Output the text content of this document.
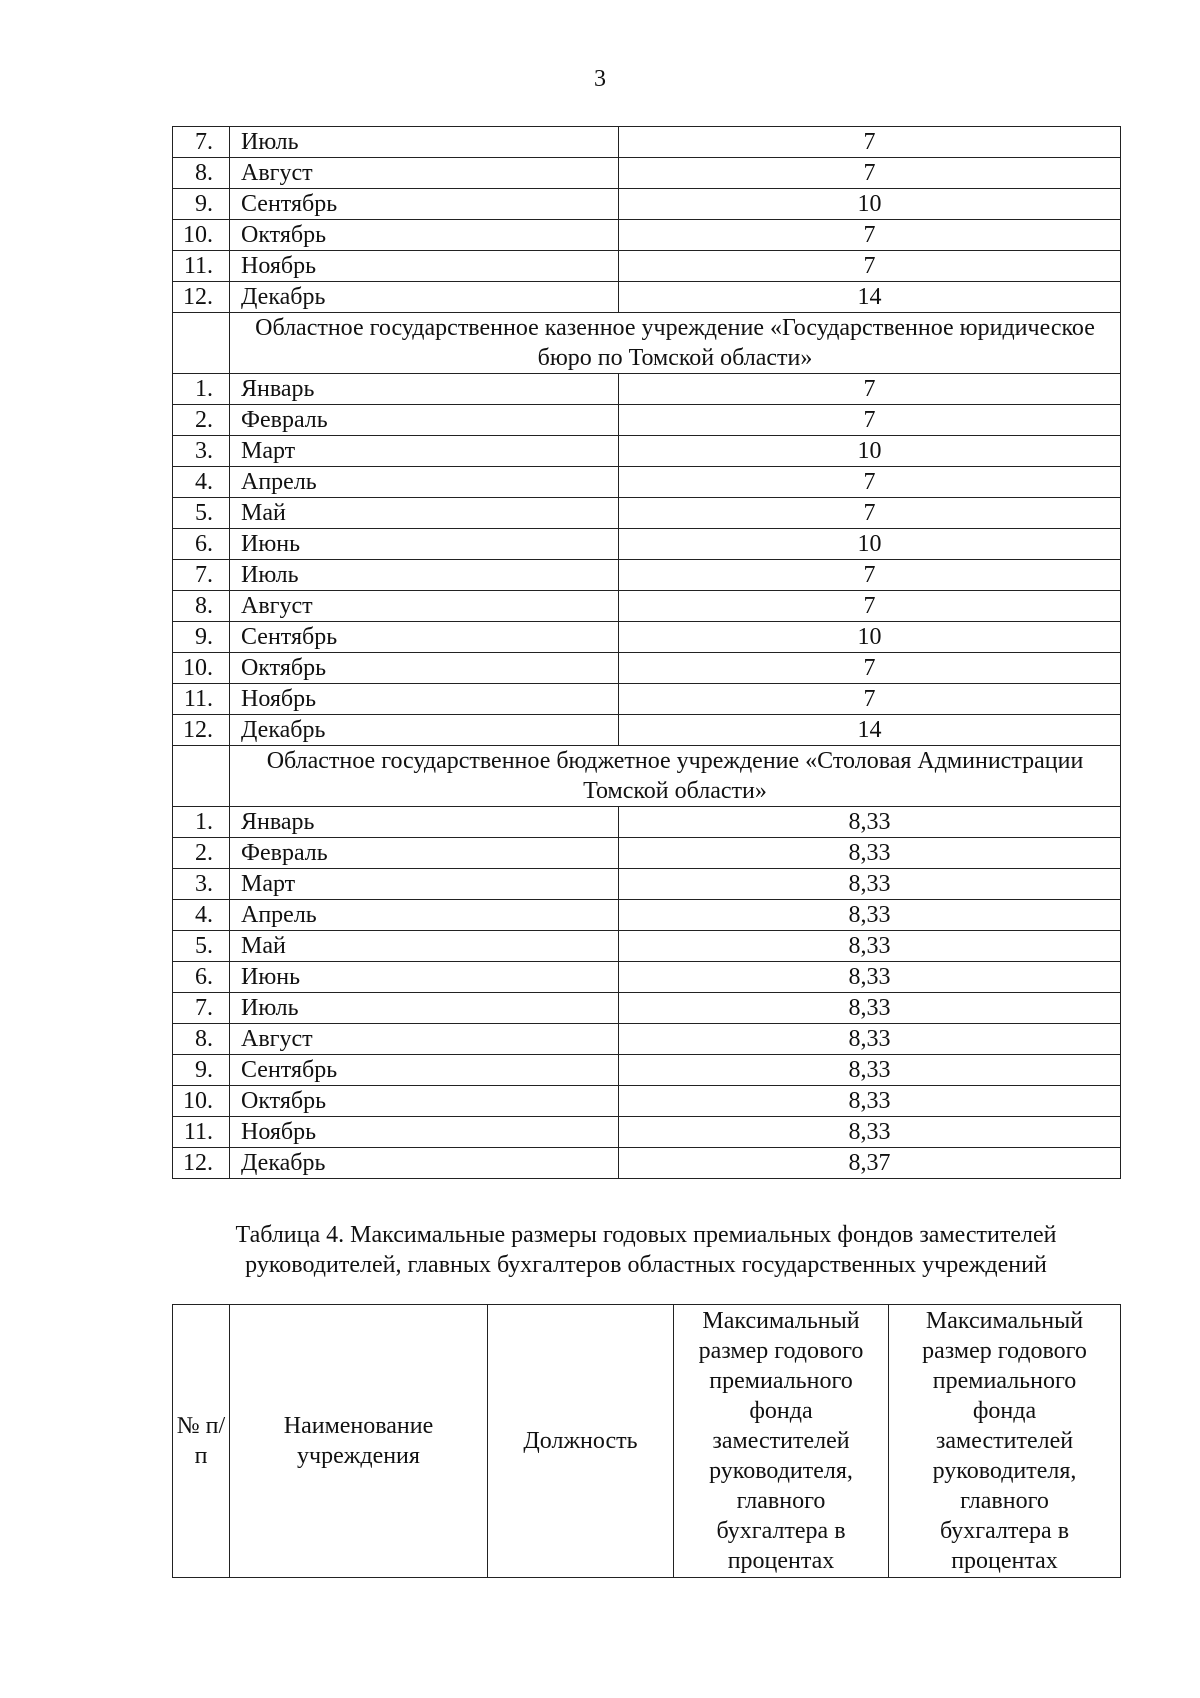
3
7.	Июль	7
8.	Август	7
9.	Сентябрь	10
10.	Октябрь	7
11.	Ноябрь	7
12.	Декабрь	14
	Областное государственное казенное учреждение «Государственное юридическое бюро по Томской области»	
1.	Январь	7
2.	Февраль	7
3.	Март	10
4.	Апрель	7
5.	Май	7
6.	Июнь	10
7.	Июль	7
8.	Август	7
9.	Сентябрь	10
10.	Октябрь	7
11.	Ноябрь	7
12.	Декабрь	14
	Областное государственное бюджетное учреждение «Столовая Администрации Томской области»	
1.	Январь	8,33
2.	Февраль	8,33
3.	Март	8,33
4.	Апрель	8,33
5.	Май	8,33
6.	Июнь	8,33
7.	Июль	8,33
8.	Август	8,33
9.	Сентябрь	8,33
10.	Октябрь	8,33
11.	Ноябрь	8,33
12.	Декабрь	8,37
Таблица 4. Максимальные размеры годовых премиальных фондов заместителей руководителей, главных бухгалтеров областных государственных учреждений
№ п/п	Наименование учреждения	Должность	Максимальный размер годового премиального фонда заместителей руководителя, главного бухгалтера в процентах	Максимальный размер годового премиального фонда заместителей руководителя, главного бухгалтера в процентах
